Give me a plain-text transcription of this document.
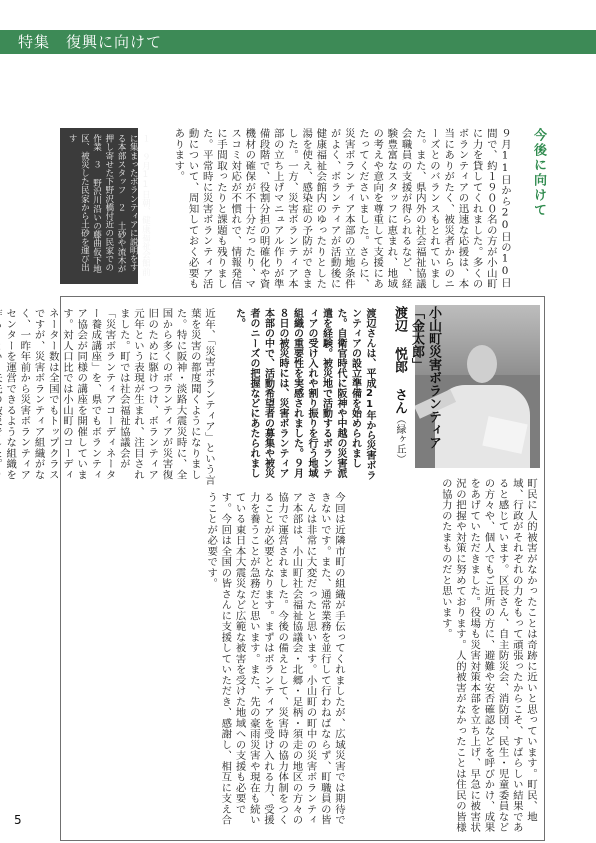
特集 復興に向けて
今後に向けて
９月11日から20日の10日間で、約１９００名の方が小山町に力を貸してくれました。多くのボランティアの迅速な応援は、本当にありがたく、被災者からのニーズとのバランスもとれていました。また、県内外の社会福祉協議会職員の支援が得られるなど、経験豊富なスタッフに恵まれ、地域の考えや意向を尊重して支援にあたってくださいました。さらに、災害ボランティア本部の立地条件がよく、ボランティアが活動後に健康福祉会館内のゆったりとした湯を使え、感染症の予防ができました。一方、災害ボランティア本部の立ち上げマニュアル作りが準備段階で、役割分担の明確化や資機材の確保が不十分だったり、マスコミ対応が不慣れで、情報発信に手間取ったりと課題も残りました。平常時に災害ボランティア活動について、周知しておく必要もあります。
１ ９月11日朝、健康福祉会館前に集まったボランティアに説明をする本部スタッフ　２ 土砂や流木が押し寄せた下野沢橋付近の民家での作業　３ 野沢川沿いの藤曲仮下地区、被災した民家から土砂を運び出す
小山町災害ボランティア「金太郎」
渡辺 悦郎 さん（緑ヶ丘）
渡辺さんは、平成21年から災害ボランティアの設立準備を始められました。自衛官時代に阪神や中越の災害派遣を経験。被災地で活動するボランティアの受け入れや割り振りを行う地域組織の重要性を実感されました。９月８日の被災時には、災害ボランティア本部の中で、活動希望者の募集や被災者のニーズの把握などにあたられました。
近年、「災害ボランティア」という言葉を災害の都度聞くようになりました。特に阪神・淡路大震災時に、全国から多くのボランティアが災害復旧のために駆けつけ、ボランティア元年という表現が生まれ、注目されました。町では社会福祉協議会が「災害ボランティアコーディネーター養成講座」を、県でもボランティア協会が同様の講座を開催しています。対人口比では小山町のコーディネーター数は全国でもトップクラスですが、災害ボランティア組織がなく、一昨年前から災害ボランティアセンターを運営できるような組織を
町民に人的被害がなかったことは奇跡に近いと思っています。町民、地域、行政がそれぞれの力をもって頑張ったからこそ、すばらしい結果であると感じています。区長さん、自主防災会、消防団、民生・児童委員などの方々や、個人でもご近所の方に、避難や安否確認などを呼びかけ、成果をあげていただきました。役場も災害対策本部を立ち上げ、早急に被害状況の把握や対策に努めております。人的被害がなかったことは住民の皆様の協力のたまものだと思います。
今回は近隣市町の組織が手伝ってくれましたが、広域災害では期待できないです。また、通常業務を並行して行わねばならず、町職員の皆さんは非常に大変だったと思います。小山町の町中の災害ボランティア本部は、小山町社会福祉協議会・北郷・足柄・須走の地区の方々の協力で運営されました。今後の備えとして、災害時の協力体制をつくることが必要となります。まずはボランティアを受け入れる力、受援力を養うことが急務だと思います。また、先の豪雨災害や現在も続いている東日本大震災など広範な被害を受けた地域への支援も必要です。今回は全国の皆さんに支援していただき、感謝し、相互に支え合うことが必要です。
5
